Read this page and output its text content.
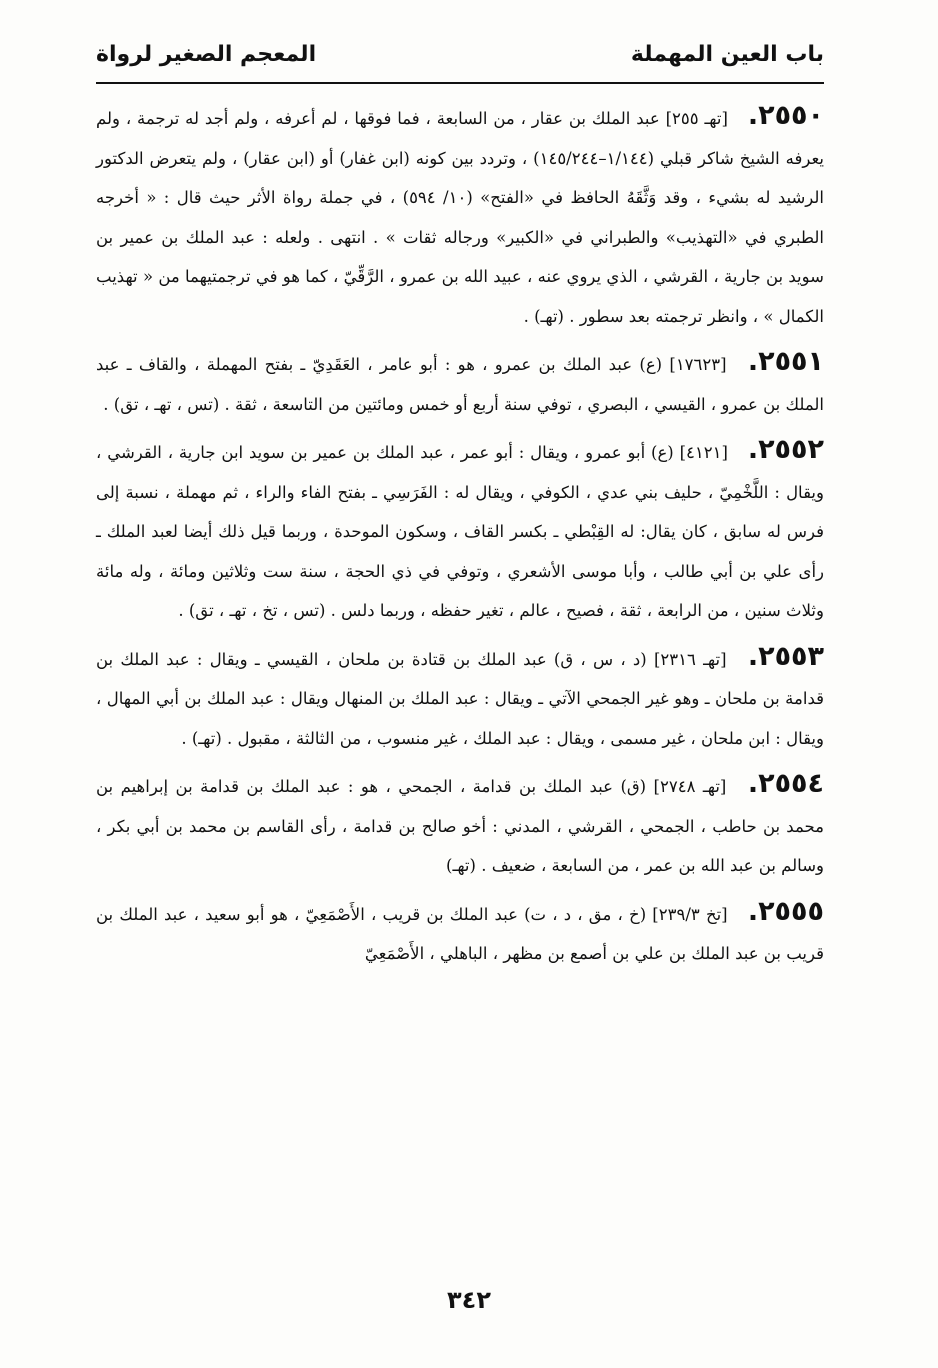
باب العين المهملة
المعجم الصغير لرواة

٢٥٥٠. [تهـ ٢٥٥] عبد الملك بن عقار ، من السابعة ، فما فوقها ، لم أعرفه ، ولم أجد له ترجمة ، ولم يعرفه الشيخ شاكر قبلي (١/١٤٤–١٤٥/٢٤٤) ، وتردد بين كونه (ابن غفار) أو (ابن عقار) ، ولم يتعرض الدكتور الرشيد له بشيء ، وقد وَثَّقَهُ الحافظ في «الفتح» (١٠/ ٥٩٤) ، في جملة رواة الأثر حيث قال : « أخرجه الطبري في «التهذيب» والطبراني في «الكبير» ورجاله ثقات » . انتهى . ولعله : عبد الملك بن عمير بن سويد بن جارية ، القرشي ، الذي يروي عنه ، عبيد الله بن عمرو ، الرَّقِّيّ ، كما هو في ترجمتيهما من « تهذيب الكمال » ، وانظر ترجمته بعد سطور . (تهـ) .

٢٥٥١. [١٧٦٢٣] (ع) عبد الملك بن عمرو ، هو : أبو عامر ، العَقَدِيّ ـ بفتح المهملة ، والقاف ـ عبد الملك بن عمرو ، القيسي ، البصري ، توفي سنة أربع أو خمس ومائتين من التاسعة ، ثقة . (تس ، تهـ ، تق) .

٢٥٥٢. [٤١٢١] (ع) أبو عمرو ، ويقال : أبو عمر ، عبد الملك بن عمير بن سويد ابن جارية ، القرشي ، ويقال : اللَّخْمِيّ ، حليف بني عدي ، الكوفي ، ويقال له : الفَرَسِي ـ بفتح الفاء والراء ، ثم مهملة ، نسبة إلى فرس له سابق ، كان يقال: له القِبْطي ـ بكسر القاف ، وسكون الموحدة ، وربما قيل ذلك أيضا لعبد الملك ـ رأى علي بن أبي طالب ، وأبا موسى الأشعري ، وتوفي في ذي الحجة ، سنة ست وثلاثين ومائة ، وله مائة وثلاث سنين ، من الرابعة ، ثقة ، فصيح ، عالم ، تغير حفظه ، وربما دلس . (تس ، تخ ، تهـ ، تق) .

٢٥٥٣. [تهـ ٢٣١٦] (د ، س ، ق) عبد الملك بن قتادة بن ملحان ، القيسي ـ ويقال : عبد الملك بن قدامة بن ملحان ـ وهو غير الجمحي الآتي ـ ويقال : عبد الملك بن المنهال ويقال : عبد الملك بن أبي المهال ، ويقال : ابن ملحان ، غير مسمى ، ويقال : عبد الملك ، غير منسوب ، من الثالثة ، مقبول . (تهـ) .

٢٥٥٤. [تهـ ٢٧٤٨] (ق) عبد الملك بن قدامة ، الجمحي ، هو : عبد الملك بن قدامة بن إبراهيم بن محمد بن حاطب ، الجمحي ، القرشي ، المدني : أخو صالح بن قدامة ، رأى القاسم بن محمد بن أبي بكر ، وسالم بن عبد الله بن عمر ، من السابعة ، ضعيف . (تهـ)

٢٥٥٥. [تخ ٢٣٩/٣] (خ ، مق ، د ، ت) عبد الملك بن قريب ، الأَصْمَعِيّ ، هو أبو سعيد ، عبد الملك بن قريب بن عبد الملك بن علي بن أصمع بن مظهر ، الباهلي ، الأَصْمَعِيّ

٣٤٢
